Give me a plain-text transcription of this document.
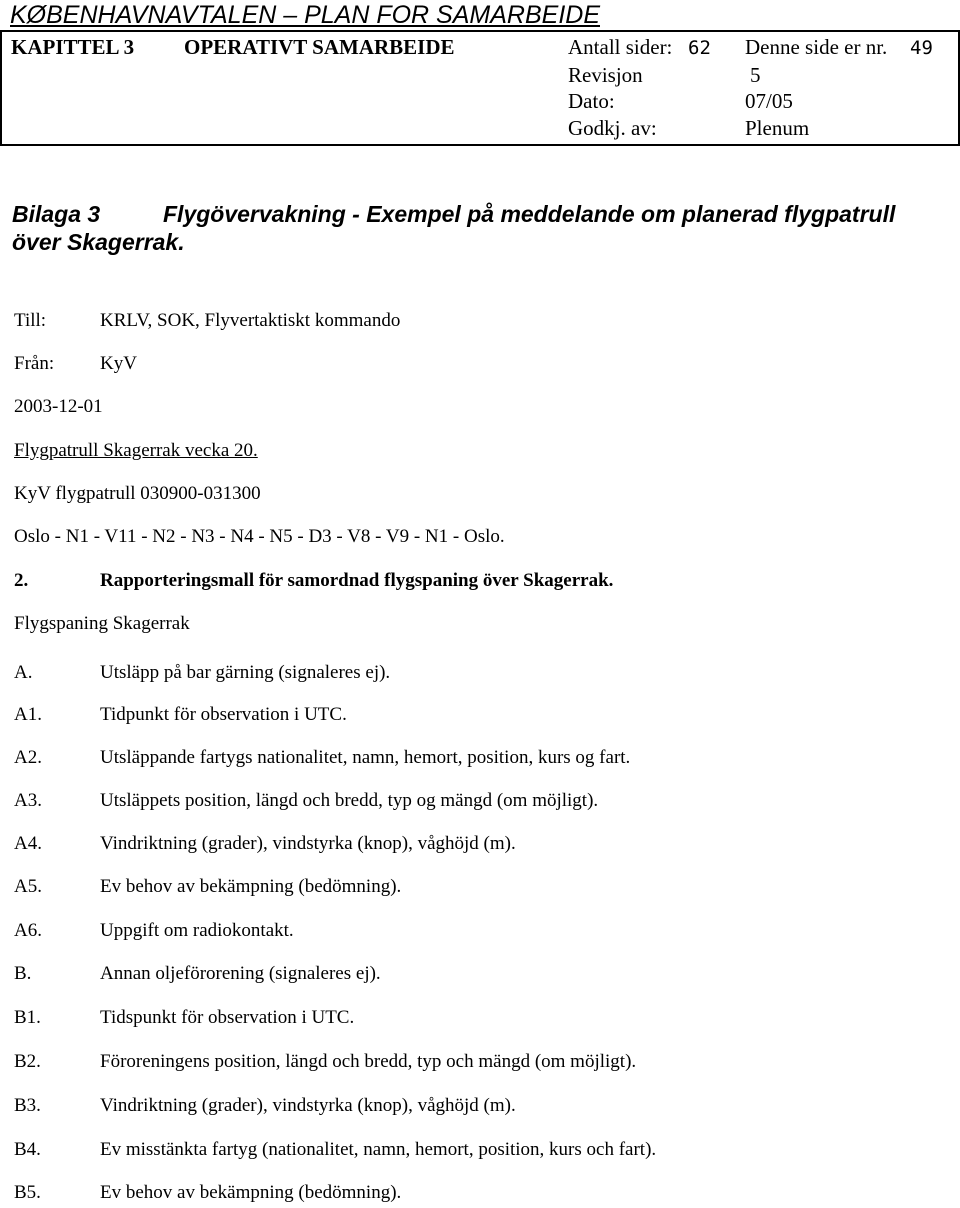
KØBENHAVNAVTALEN – PLAN FOR SAMARBEIDE
KAPITTEL 3 OPERATIVT SAMARBEIDE	Antall sider: 62 Denne side er nr. 49
Revisjon	5
Dato:	07/05
Godkj. av:	Plenum
Bilaga 3	Flygövervakning - Exempel på meddelande om planerad flygpatrull
över Skagerrak.
Till:	KRLV, SOK, Flyvertaktiskt kommando
Från: KyV
2003-12-01
Flygpatrull Skagerrak vecka 20.
KyV flygpatrull 030900-031300
Oslo - N1 - V11 - N2 - N3 - N4 - N5 - D3 - V8 - V9 - N1 - Oslo.
2.	Rapporteringsmall för samordnad flygspaning över Skagerrak.
Flygspaning Skagerrak
A.	Utsläpp på bar gärning (signaleres ej).
A1.	Tidpunkt för observation i UTC.
A2.	Utsläppande fartygs nationalitet, namn, hemort, position, kurs og fart.
A3.	Utsläppets position, längd och bredd, typ og mängd (om möjligt).
A4.	Vindriktning (grader), vindstyrka (knop), våghöjd (m).
A5.	Ev behov av bekämpning (bedömning).
A6.	Uppgift om radiokontakt.
B.	Annan oljeförorening (signaleres ej).
B1.	Tidspunkt för observation i UTC.
B2.	Föroreningens position, längd och bredd, typ och mängd (om möjligt).
B3.	Vindriktning (grader), vindstyrka (knop), våghöjd (m).
B4.	Ev misstänkta fartyg (nationalitet, namn, hemort, position, kurs och fart).
B5.	Ev behov av bekämpning (bedömning).
